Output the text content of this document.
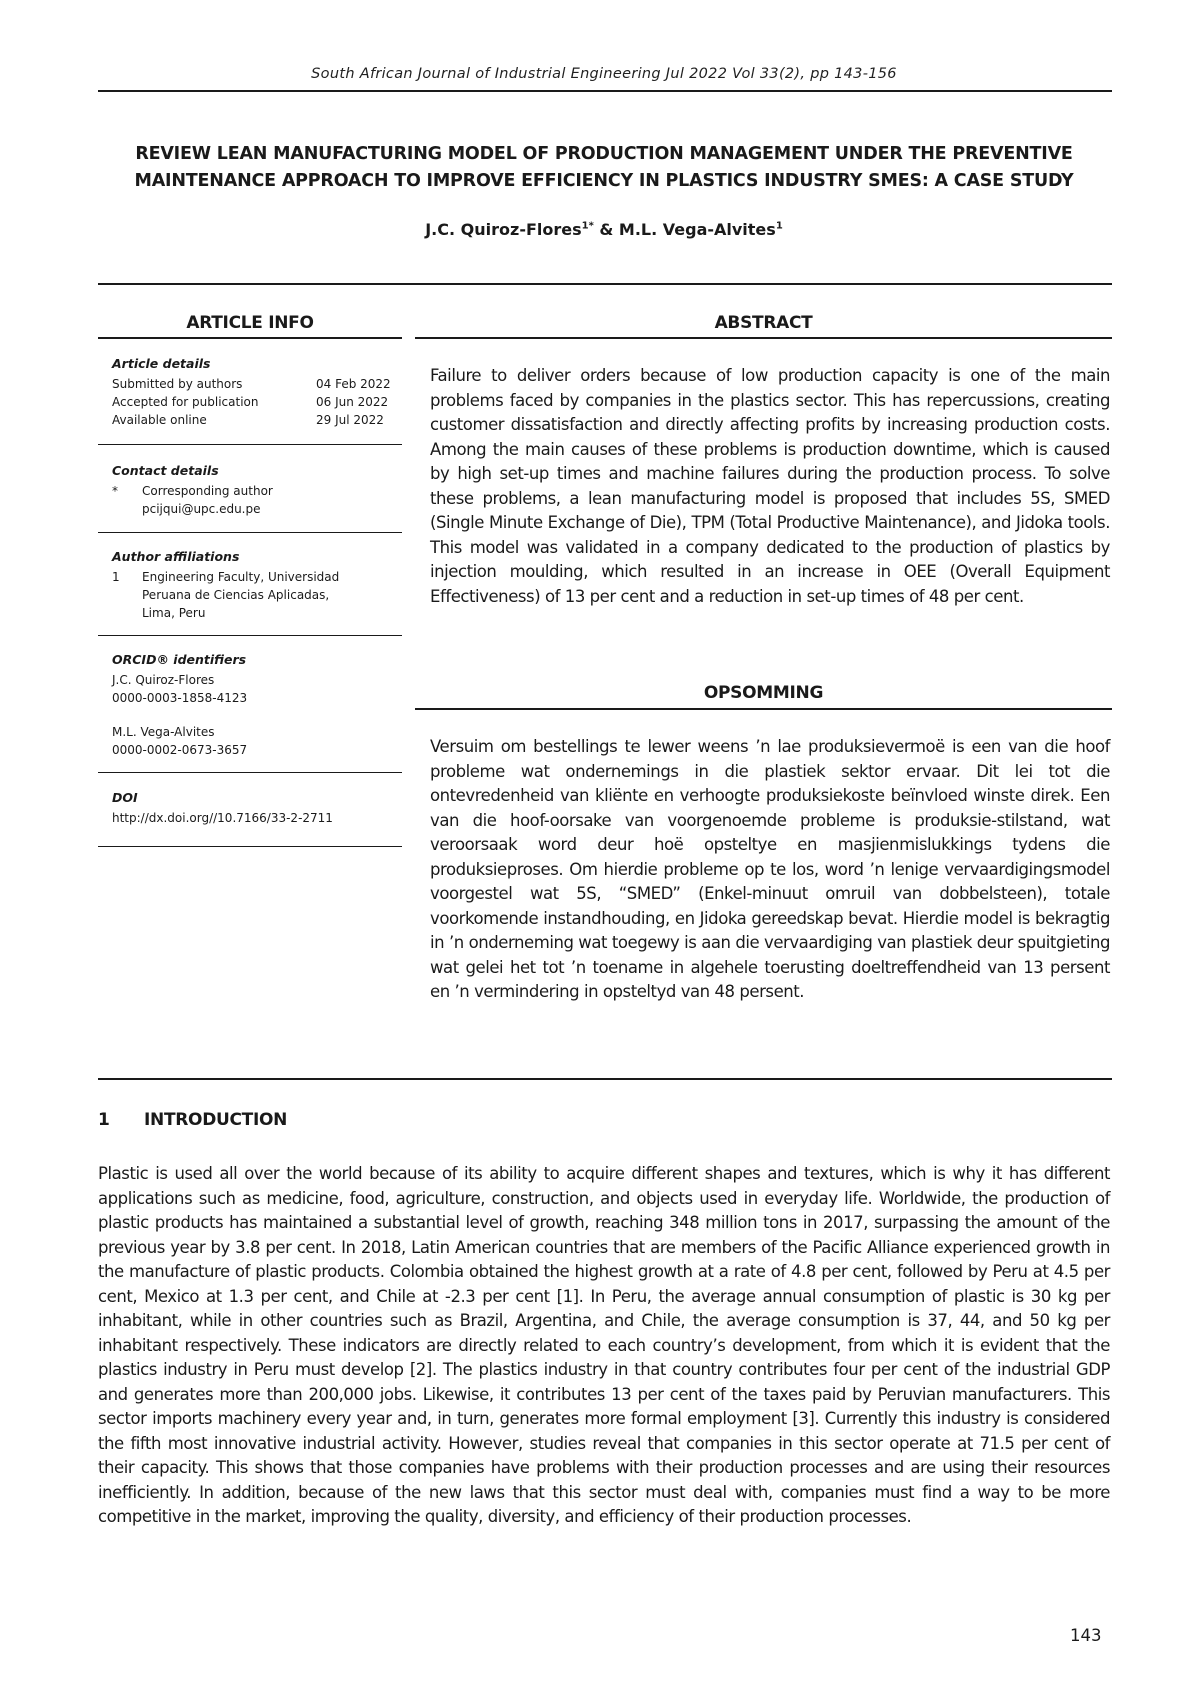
South African Journal of Industrial Engineering Jul 2022 Vol 33(2), pp 143-156
REVIEW LEAN MANUFACTURING MODEL OF PRODUCTION MANAGEMENT UNDER THE PREVENTIVE
MAINTENANCE APPROACH TO IMPROVE EFFICIENCY IN PLASTICS INDUSTRY SMES: A CASE STUDY
J.C. Quiroz-Flores$^{1*}$ & M.L. Vega-Alvites$^1$
ARTICLE INFO
Article details
Submitted by authors	04 Feb 2022
Accepted for publication	06 Jun 2022
Available online	29 Jul 2022
Contact details
*	Corresponding author
pcijqui@upc.edu.pe
Author affiliations
1	Engineering Faculty, Universidad
Peruana de Ciencias Aplicadas,
Lima, Peru
ORCID® identifiers
J.C. Quiroz-Flores
0000-0003-1858-4123
M.L. Vega-Alvites
0000-0002-0673-3657
DOI
http://dx.doi.org//10.7166/33-2-2711
ABSTRACT

Failure to deliver orders because of low production capacity is one of the main problems faced by companies in the plastics sector. This has repercussions, creating customer dissatisfaction and directly affecting profits by increasing production costs. Among the main causes of these problems is production downtime, which is caused by high set-up times and machine failures during the production process. To solve these problems, a lean manufacturing model is proposed that includes 5S, SMED (Single Minute Exchange of Die), TPM (Total Productive Maintenance), and Jidoka tools. This model was validated in a company dedicated to the production of plastics by injection moulding, which resulted in an increase in OEE (Overall Equipment Effectiveness) of 13 per cent and a reduction in set-up times of 48 per cent.

OPSOMMING

Versuim om bestellings te lewer weens ’n lae produksievermoë is een van die hoof probleme wat ondernemings in die plastiek sektor ervaar. Dit lei tot die ontevredenheid van kliënte en verhoogte produksiekoste beïnvloed winste direk. Een van die hoof-oorsake van voorgenoemde probleme is produksie-stilstand, wat veroorsaak word deur hoë opsteltye en masjienmislukkings tydens die produksieproses. Om hierdie probleme op te los, word ’n lenige vervaardigingsmodel voorgestel wat 5S, “SMED” (Enkel-minuut omruil van dobbelsteen), totale voorkomende instandhouding, en Jidoka gereedskap bevat. Hierdie model is bekragtig in ’n onderneming wat toegewy is aan die vervaardiging van plastiek deur spuitgieting wat gelei het tot ’n toename in algehele toerusting doeltreffendheid van 13 persent en ’n vermindering in opsteltyd van 48 persent.

1 INTRODUCTION

Plastic is used all over the world because of its ability to acquire different shapes and textures, which is why it has different applications such as medicine, food, agriculture, construction, and objects used in everyday life. Worldwide, the production of plastic products has maintained a substantial level of growth, reaching 348 million tons in 2017, surpassing the amount of the previous year by 3.8 per cent. In 2018, Latin American countries that are members of the Pacific Alliance experienced growth in the manufacture of plastic products. Colombia obtained the highest growth at a rate of 4.8 per cent, followed by Peru at 4.5 per cent, Mexico at 1.3 per cent, and Chile at -2.3 per cent [1]. In Peru, the average annual consumption of plastic is 30 kg per inhabitant, while in other countries such as Brazil, Argentina, and Chile, the average consumption is 37, 44, and 50 kg per inhabitant respectively. These indicators are directly related to each country’s development, from which it is evident that the plastics industry in Peru must develop [2]. The plastics industry in that country contributes four per cent of the industrial GDP and generates more than 200,000 jobs. Likewise, it contributes 13 per cent of the taxes paid by Peruvian manufacturers. This sector imports machinery every year and, in turn, generates more formal employment [3]. Currently this industry is considered the fifth most innovative industrial activity. However, studies reveal that companies in this sector operate at 71.5 per cent of their capacity. This shows that those companies have problems with their production processes and are using their resources inefficiently. In addition, because of the new laws that this sector must deal with, companies must find a way to be more competitive in the market, improving the quality, diversity, and efficiency of their production processes.

143
